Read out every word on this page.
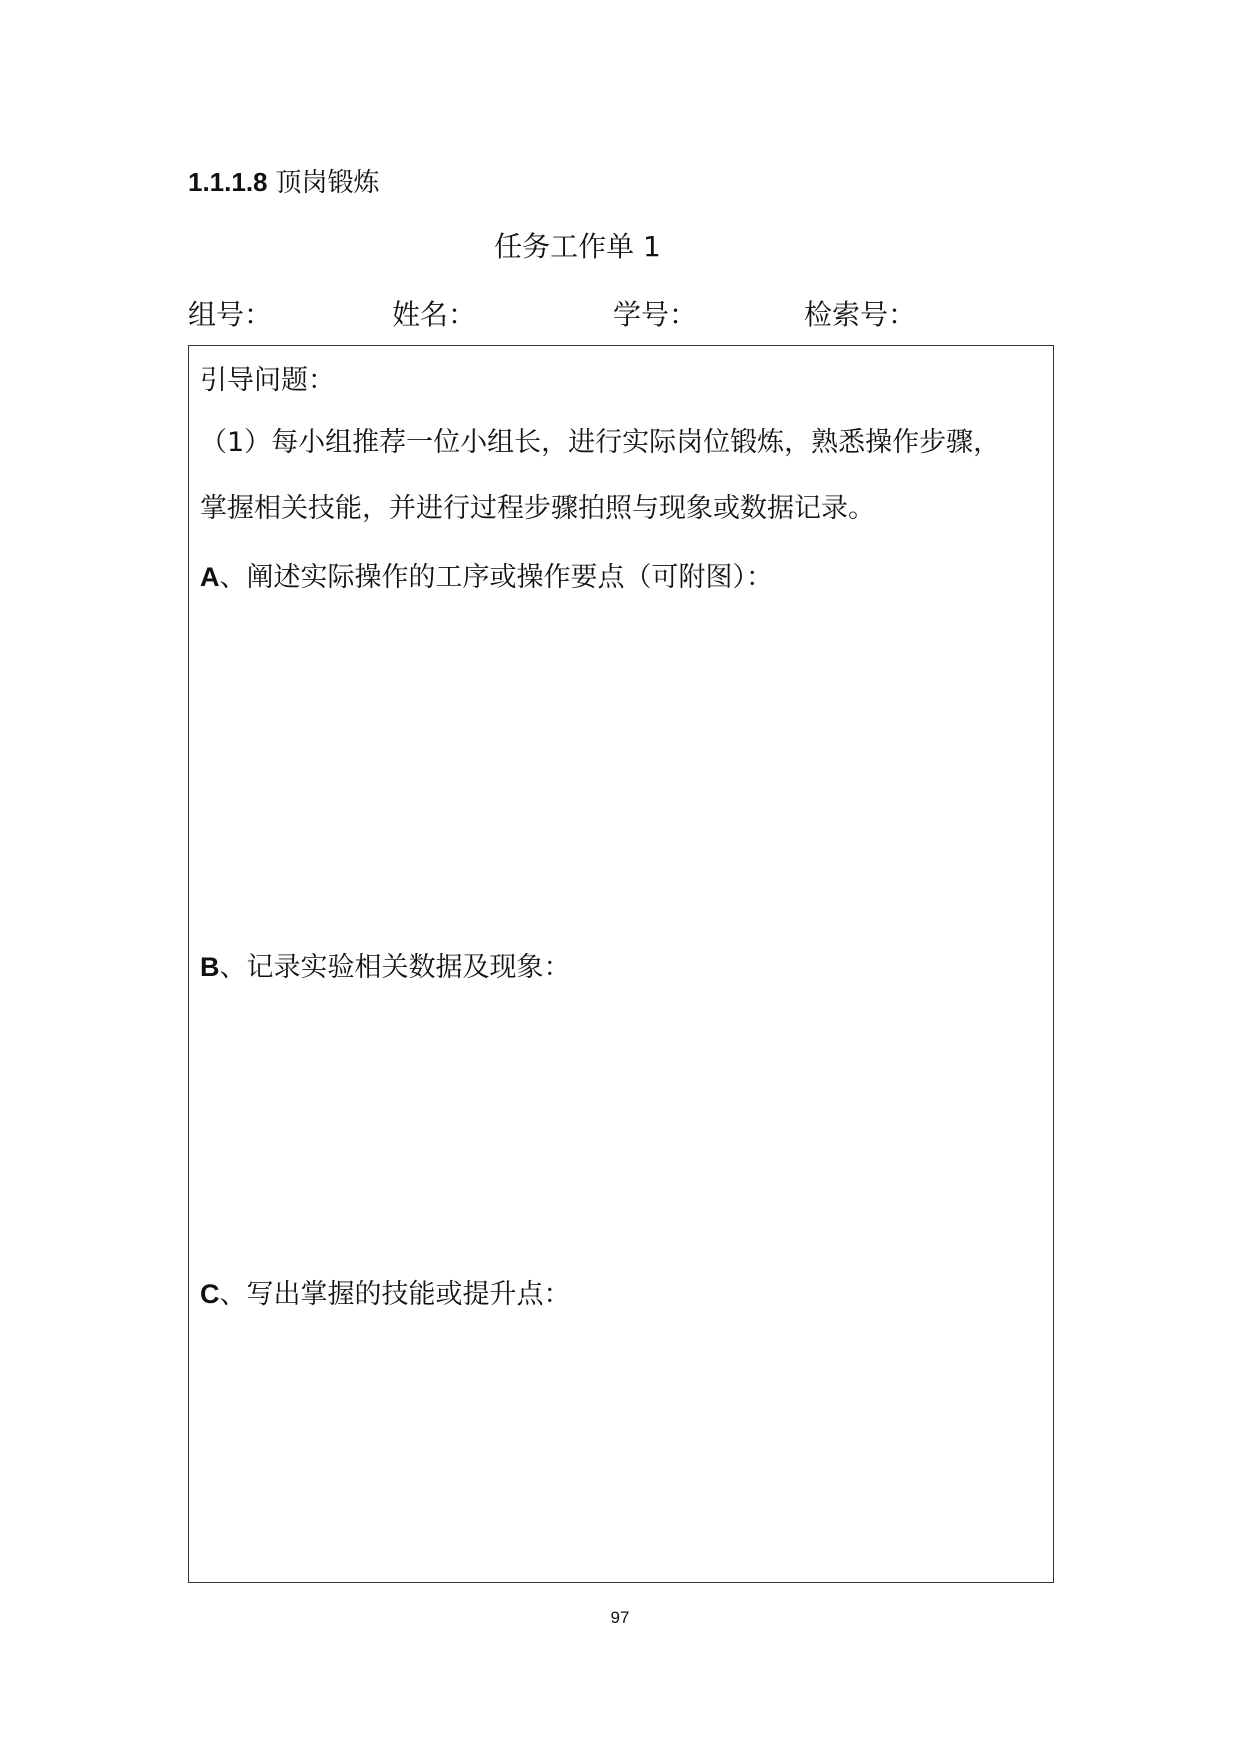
1.1.1.8 顶岗锻炼
任务工作单 1
组号：	姓名：	学号：	检索号：
引导问题：
（1）每小组推荐一位小组长，进行实际岗位锻炼，熟悉操作步骤，
掌握相关技能，并进行过程步骤拍照与现象或数据记录。
A、阐述实际操作的工序或操作要点（可附图）：
B、记录实验相关数据及现象：
C、写出掌握的技能或提升点：
97
